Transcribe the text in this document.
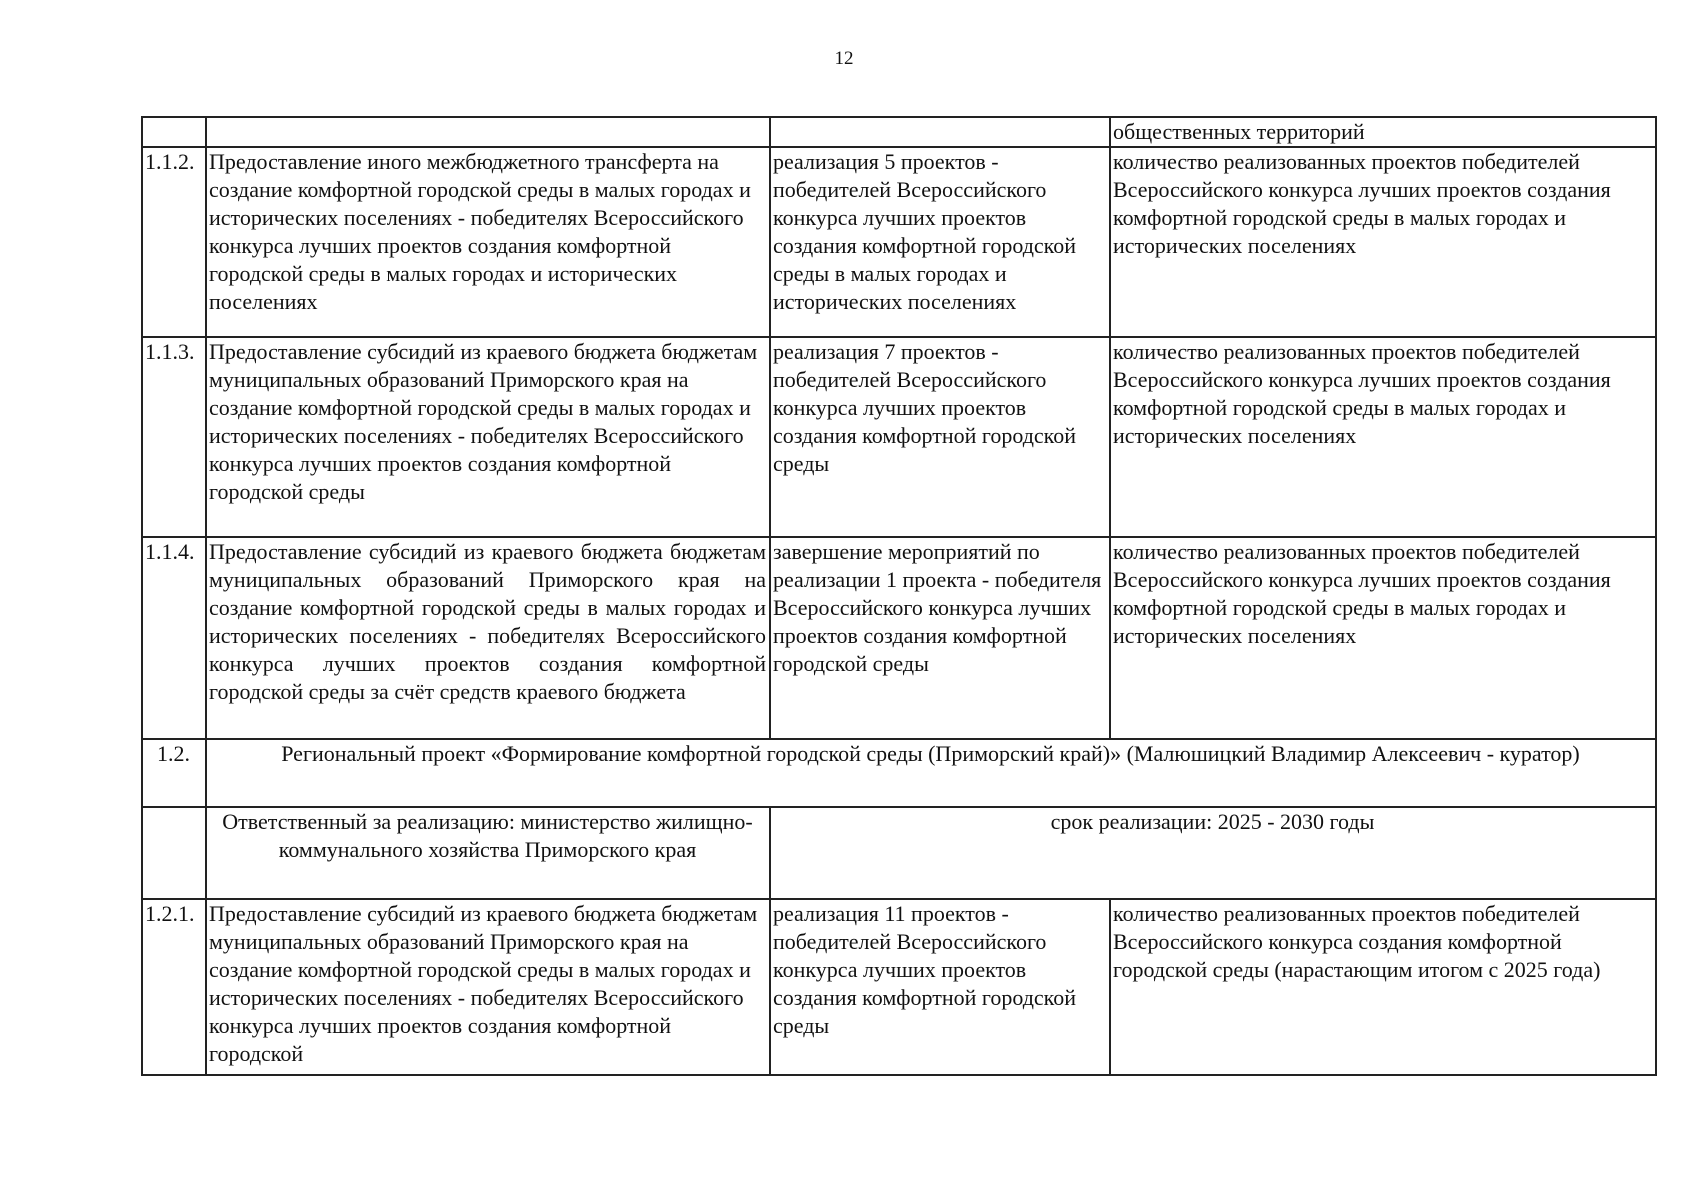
12
			общественных территорий
1.1.2.	Предоставление иного межбюджетного трансферта на создание комфортной городской среды в малых городах и исторических поселениях - победителях Всероссийского конкурса лучших проектов создания комфортной городской среды в малых городах и исторических поселениях	реализация 5 проектов - победителей Всероссийского конкурса лучших проектов создания комфортной городской среды в малых городах и исторических поселениях	количество реализованных проектов победителей Всероссийского конкурса лучших проектов создания комфортной городской среды в малых городах и исторических поселениях
1.1.3.	Предоставление субсидий из краевого бюджета бюджетам муниципальных образований Приморского края на создание комфортной городской среды в малых городах и исторических поселениях - победителях Всероссийского конкурса лучших проектов создания комфортной городской среды	реализация 7 проектов - победителей Всероссийского конкурса лучших проектов создания комфортной городской среды	количество реализованных проектов победителей Всероссийского конкурса лучших проектов создания комфортной городской среды в малых городах и исторических поселениях
1.1.4.	Предоставление субсидий из краевого бюджета бюджетам муниципальных образований Приморского края на создание комфортной городской среды в малых городах и исторических поселениях - победителях Всероссийского конкурса лучших проектов создания комфортной городской среды за счёт средств краевого бюджета	завершение мероприятий по реализации 1 проекта - победителя Всероссийского конкурса лучших проектов создания комфортной городской среды	количество реализованных проектов победителей Всероссийского конкурса лучших проектов создания комфортной городской среды в малых городах и исторических поселениях
1.2.	Региональный проект «Формирование комфортной городской среды (Приморский край)» (Малюшицкий Владимир Алексеевич - куратор)		
	Ответственный за реализацию: министерство жилищно-коммунального хозяйства Приморского края	срок реализации: 2025 - 2030 годы	
1.2.1.	Предоставление субсидий из краевого бюджета бюджетам муниципальных образований Приморского края на создание комфортной городской среды в малых городах и исторических поселениях - победителях Всероссийского конкурса лучших проектов создания комфортной городской	реализация 11 проектов - победителей Всероссийского конкурса лучших проектов создания комфортной городской среды	количество реализованных проектов победителей Всероссийского конкурса создания комфортной городской среды (нарастающим итогом с 2025 года)
